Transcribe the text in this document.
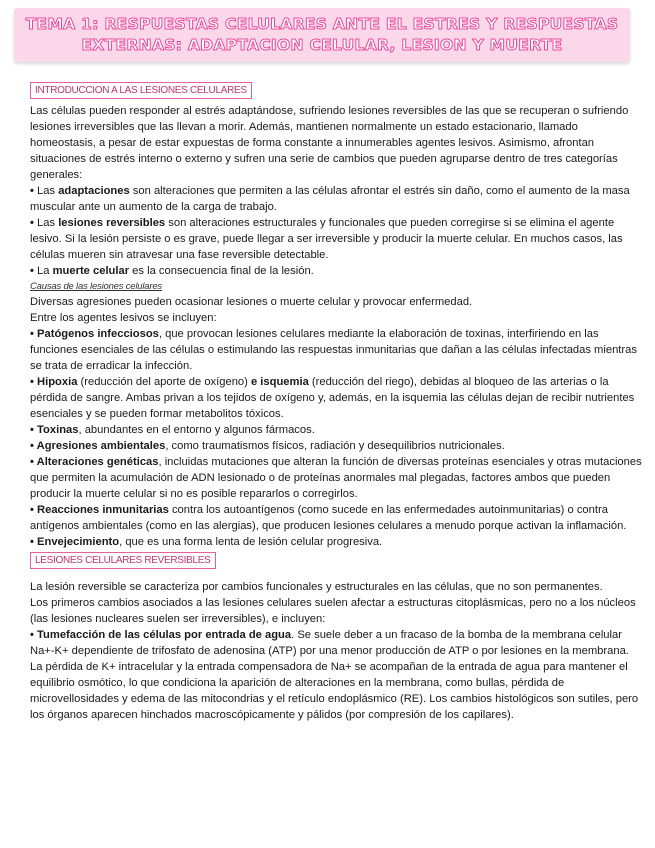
TEMA 1: RESPUESTAS CELULARES ANTE EL ESTRES Y RESPUESTAS EXTERNAS: ADAPTACION CELULAR, LESION Y MUERTE
INTRODUCCION A LAS LESIONES CELULARES

Las células pueden responder al estrés adaptándose, sufriendo lesiones reversibles de las que se recuperan o sufriendo lesiones irreversibles que las llevan a morir. Además, mantienen normalmente un estado estacionario, llamado homeostasis, a pesar de estar expuestas de forma constante a innumerables agentes lesivos. Asimismo, afrontan situaciones de estrés interno o externo y sufren una serie de cambios que pueden agruparse dentro de tres categorías generales:

• Las adaptaciones son alteraciones que permiten a las células afrontar el estrés sin daño, como el aumento de la masa muscular ante un aumento de la carga de trabajo.

• Las lesiones reversibles son alteraciones estructurales y funcionales que pueden corregirse si se elimina el agente lesivo. Si la lesión persiste o es grave, puede llegar a ser irreversible y producir la muerte celular. En muchos casos, las células mueren sin atravesar una fase reversible detectable.

• La muerte celular es la consecuencia final de la lesión.

Causas de las lesiones celulares

Diversas agresiones pueden ocasionar lesiones o muerte celular y provocar enfermedad.

Entre los agentes lesivos se incluyen:

• Patógenos infecciosos, que provocan lesiones celulares mediante la elaboración de toxinas, interfiriendo en las funciones esenciales de las células o estimulando las respuestas inmunitarias que dañan a las células infectadas mientras se trata de erradicar la infección.

• Hipoxia (reducción del aporte de oxígeno) e isquemia (reducción del riego), debidas al bloqueo de las arterias o la pérdida de sangre. Ambas privan a los tejidos de oxígeno y, además, en la isquemia las células dejan de recibir nutrientes esenciales y se pueden formar metabolitos tóxicos.

• Toxinas, abundantes en el entorno y algunos fármacos.

• Agresiones ambientales, como traumatismos físicos, radiación y desequilibrios nutricionales.

• Alteraciones genéticas, incluidas mutaciones que alteran la función de diversas proteínas esenciales y otras mutaciones que permiten la acumulación de ADN lesionado o de proteínas anormales mal plegadas, factores ambos que pueden producir la muerte celular si no es posible repararlos o corregirlos.

• Reacciones inmunitarias contra los autoantígenos (como sucede en las enfermedades autoinmunitarias) o contra antígenos ambientales (como en las alergias), que producen lesiones celulares a menudo porque activan la inflamación.

• Envejecimiento, que es una forma lenta de lesión celular progresiva.

LESIONES CELULARES REVERSIBLES

La lesión reversible se caracteriza por cambios funcionales y estructurales en las células, que no son permanentes.

Los primeros cambios asociados a las lesiones celulares suelen afectar a estructuras citoplásmicas, pero no a los núcleos (las lesiones nucleares suelen ser irreversibles), e incluyen:

• Tumefacción de las células por entrada de agua. Se suele deber a un fracaso de la bomba de la membrana celular Na+-K+ dependiente de trifosfato de adenosina (ATP) por una menor producción de ATP o por lesiones en la membrana. La pérdida de K+ intracelular y la entrada compensadora de Na+ se acompañan de la entrada de agua para mantener el equilibrio osmótico, lo que condiciona la aparición de alteraciones en la membrana, como bullas, pérdida de microvellosidades y edema de las mitocondrias y el retículo endoplásmico (RE). Los cambios histológicos son sutiles, pero los órganos aparecen hinchados macroscópicamente y pálidos (por compresión de los capilares).
